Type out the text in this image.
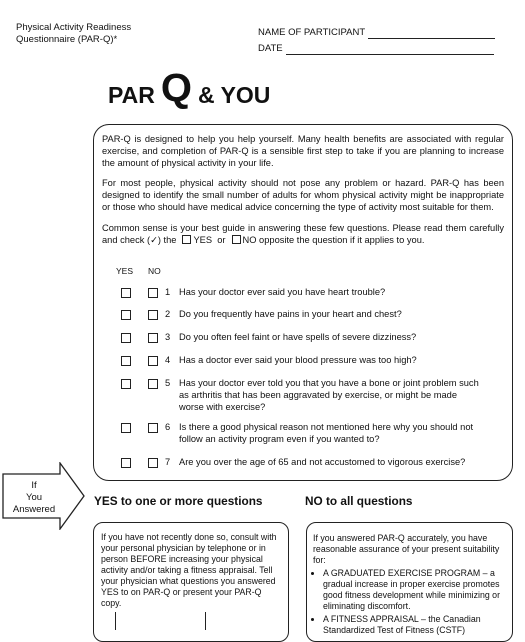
Physical Activity Readiness
Questionnaire (PAR-Q)*
NAME OF PARTICIPANT
DATE
PAR Q & YOU

PAR-Q is designed to help you help yourself. Many health benefits are associated with regular exercise, and completion of PAR-Q is a sensible first step to take if you are planning to increase the amount of physical activity in your life.

For most people, physical activity should not pose any problem or hazard. PAR-Q has been designed to identify the small number of adults for whom physical activity might be inappropriate or those who should have medical advice concerning the type of activity most suitable for them.

Common sense is your best guide in answering these few questions. Please read them carefully and check (✓) the YES or NO opposite the question if it applies to you.

YES NO
1 Has your doctor ever said you have heart trouble?
2 Do you frequently have pains in your heart and chest?
3 Do you often feel faint or have spells of severe dizziness?
4 Has a doctor ever said your blood pressure was too high?
5 Has your doctor ever told you that you have a bone or joint problem such as arthritis that has been aggravated by exercise, or might be made worse with exercise?
6 Is there a good physical reason not mentioned here why you should not follow an activity program even if you wanted to?
7 Are you over the age of 65 and not accustomed to vigorous exercise?
If
You
Answered
YES to one or more questions	NO to all questions
If you have not recently done so, consult with your personal physician by telephone or in person BEFORE increasing your physical activity and/or taking a fitness appraisal. Tell your physician what questions you answered YES to on PAR-Q or present your PAR-Q copy.
If you answered PAR-Q accurately, you have reasonable assurance of your present suitability for:
• A GRADUATED EXERCISE PROGRAM – a gradual increase in proper exercise promotes good fitness development while minimizing or eliminating discomfort.
• A FITNESS APPRAISAL – the Canadian Standardized Test of Fitness (CSTF)
